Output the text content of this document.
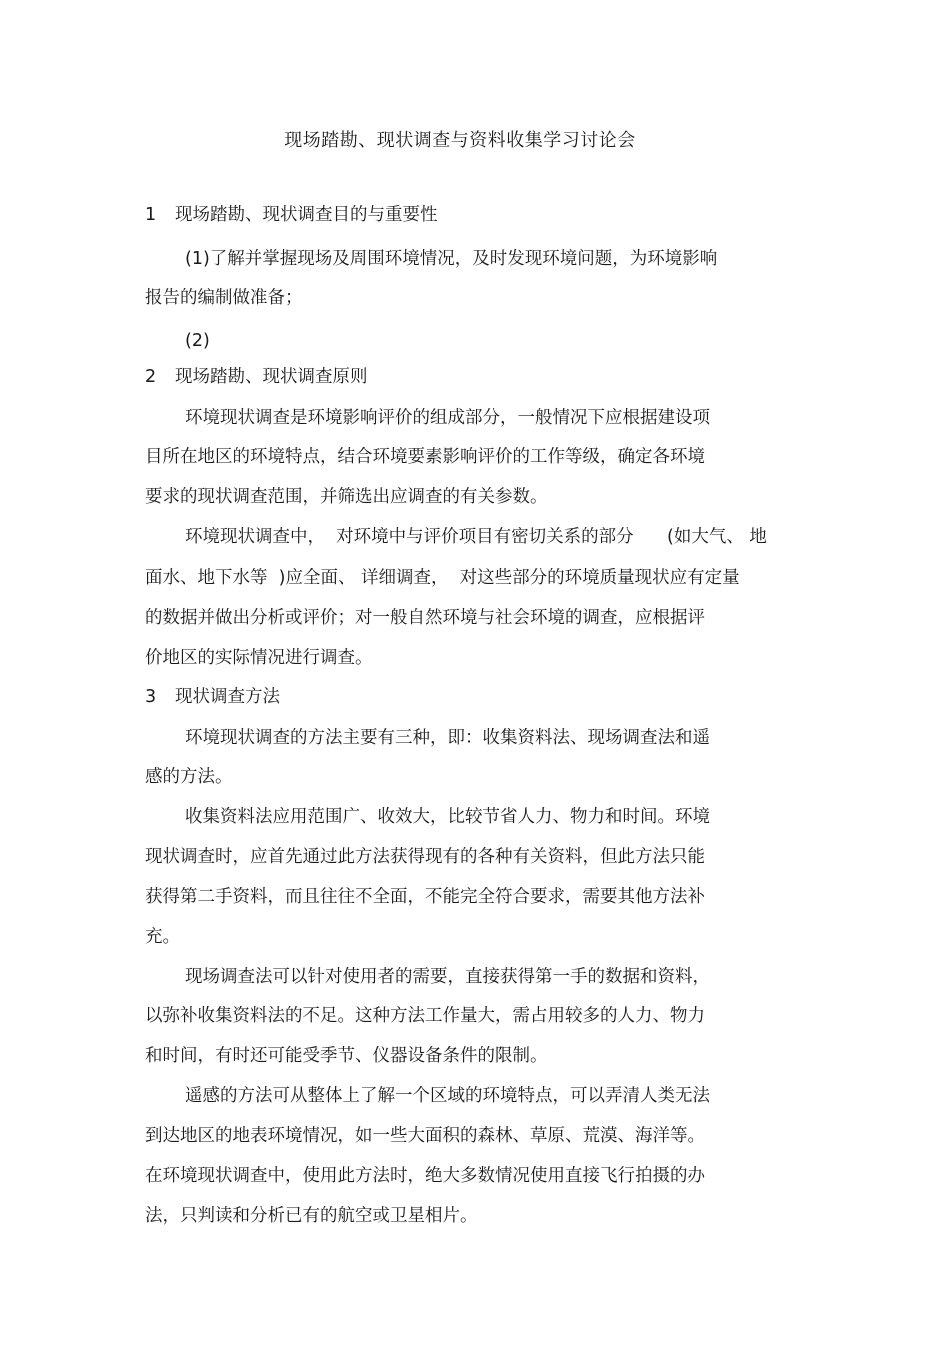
现场踏勘、现状调查与资料收集学习讨论会
1 现场踏勘、现状调查目的与重要性
(1)了解并掌握现场及周围环境情况，及时发现环境问题，为环境影响
报告的编制做准备；
(2)
2 现场踏勘、现状调查原则
环境现状调查是环境影响评价的组成部分，一般情况下应根据建设项
目所在地区的环境特点，结合环境要素影响评价的工作等级，确定各环境
要求的现状调查范围，并筛选出应调查的有关参数。
环境现状调查中，  对环境中与评价项目有密切关系的部分      (如大气、 地
面水、地下水等  )应全面、 详细调查，  对这些部分的环境质量现状应有定量
的数据并做出分析或评价；对一般自然环境与社会环境的调查，应根据评
价地区的实际情况进行调查。
3 现状调查方法
环境现状调查的方法主要有三种，即：收集资料法、现场调查法和遥
感的方法。
收集资料法应用范围广、收效大，比较节省人力、物力和时间。环境
现状调查时，应首先通过此方法获得现有的各种有关资料，但此方法只能
获得第二手资料，而且往往不全面，不能完全符合要求，需要其他方法补
充。
现场调查法可以针对使用者的需要，直接获得第一手的数据和资料，
以弥补收集资料法的不足。这种方法工作量大，需占用较多的人力、物力
和时间，有时还可能受季节、仪器设备条件的限制。
遥感的方法可从整体上了解一个区域的环境特点，可以弄清人类无法
到达地区的地表环境情况，如一些大面积的森林、草原、荒漠、海洋等。
在环境现状调查中，使用此方法时，绝大多数情况使用直接飞行拍摄的办
法，只判读和分析已有的航空或卫星相片。
